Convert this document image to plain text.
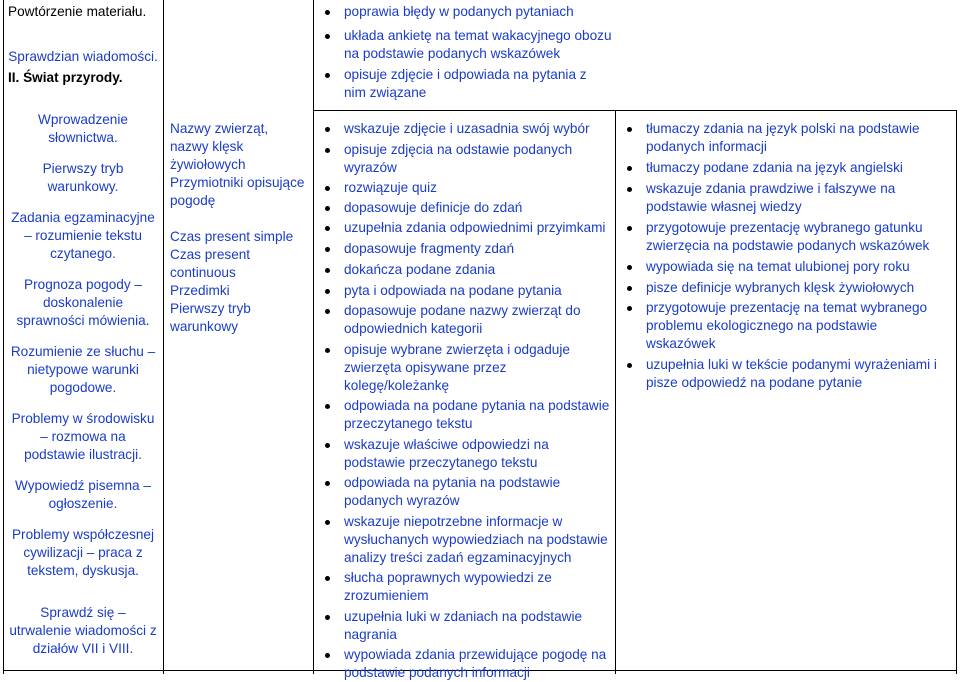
Powtórzenie materiału.

Sprawdzian wiadomości.

II. Świat przyrody.

Wprowadzenie słownictwa.

Pierwszy tryb warunkowy.

Zadania egzaminacyjne – rozumienie tekstu czytanego.

Prognoza pogody – doskonalenie sprawności mówienia.

Rozumienie ze słuchu – nietypowe warunki pogodowe.

Problemy w środowisku – rozmowa na podstawie ilustracji.

Wypowiedź pisemna – ogłoszenie.

Problemy współczesnej cywilizacji – praca z tekstem, dyskusja.

Sprawdź się – utrwalenie wiadomości z działów VII i VIII.

Nazwy zwierząt, nazwy klęsk żywiołowych
Przymiotniki opisujące pogodę
Czas present simple
Czas present continuous
Przedimki
Pierwszy tryb warunkowy
poprawia błędy w podanych pytaniach
układa ankietę na temat wakacyjnego obozu na podstawie podanych wskazówek
opisuje zdjęcie i odpowiada na pytania z nim związane
wskazuje zdjęcie i uzasadnia swój wybór
opisuje zdjęcia na odstawie podanych wyrazów
rozwiązuje quiz
dopasowuje definicje do zdań
uzupełnia zdania odpowiednimi przyimkami
dopasowuje fragmenty zdań
dokańcza podane zdania
pyta i odpowiada na podane pytania
dopasowuje podane nazwy zwierząt do odpowiednich kategorii
opisuje wybrane zwierzęta i odgaduje zwierzęta opisywane przez kolegę/koleżankę
odpowiada na podane pytania na podstawie przeczytanego tekstu
wskazuje właściwe odpowiedzi na podstawie przeczytanego tekstu
odpowiada na pytania na podstawie podanych wyrazów
wskazuje niepotrzebne informacje w wysłuchanych wypowiedziach na podstawie analizy treści zadań egzaminacyjnych
słucha poprawnych wypowiedzi ze zrozumieniem
uzupełnia luki w zdaniach na podstawie nagrania
wypowiada zdania przewidujące pogodę na podstawie podanych informacji
tłumaczy zdania na język polski na podstawie podanych informacji
tłumaczy podane zdania na język angielski
wskazuje zdania prawdziwe i fałszywe na podstawie własnej wiedzy
przygotowuje prezentację wybranego gatunku zwierzęcia na podstawie podanych wskazówek
wypowiada się na temat ulubionej pory roku
pisze definicje wybranych klęsk żywiołowych
przygotowuje prezentację na temat wybranego problemu ekologicznego na podstawie wskazówek
uzupełnia luki w tekście podanymi wyrażeniami i pisze odpowiedź na podane pytanie
